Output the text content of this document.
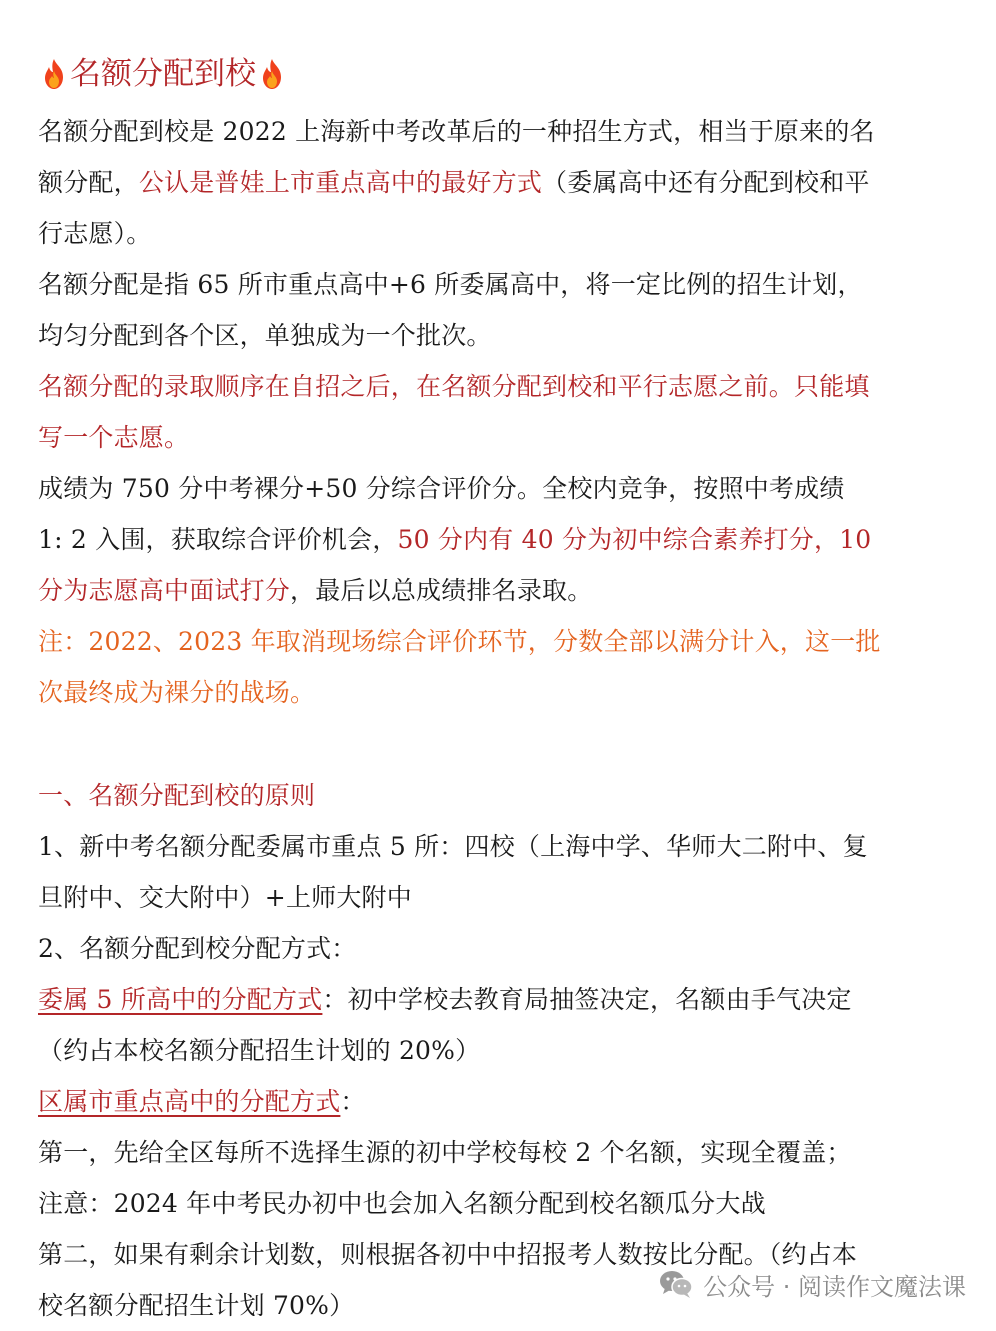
名额分配到校
名额分配到校是 2022 上海新中考改革后的一种招生方式，相当于原来的名
额分配，公认是普娃上市重点高中的最好方式（委属高中还有分配到校和平
行志愿）。
名额分配是指 65 所市重点高中+6 所委属高中，将一定比例的招生计划，
均匀分配到各个区，单独成为一个批次。
名额分配的录取顺序在自招之后，在名额分配到校和平行志愿之前。只能填
写一个志愿。
成绩为 750 分中考裸分+50 分综合评价分。全校内竞争，按照中考成绩
1: 2 入围，获取综合评价机会，50 分内有 40 分为初中综合素养打分，10
分为志愿高中面试打分，最后以总成绩排名录取。
注：2022、2023 年取消现场综合评价环节，分数全部以满分计入，这一批
次最终成为裸分的战场。
一、名额分配到校的原则
1、新中考名额分配委属市重点 5 所：四校（上海中学、华师大二附中、复
旦附中、交大附中）+上师大附中
2、名额分配到校分配方式：
委属 5 所高中的分配方式：初中学校去教育局抽签决定，名额由手气决定
（约占本校名额分配招生计划的 20%）
区属市重点高中的分配方式：
第一，先给全区每所不选择生源的初中学校每校 2 个名额，实现全覆盖；
注意：2024 年中考民办初中也会加入名额分配到校名额瓜分大战
第二，如果有剩余计划数，则根据各初中中招报考人数按比分配。（约占本
校名额分配招生计划 70%）
公众号 · 阅读作文魔法课
